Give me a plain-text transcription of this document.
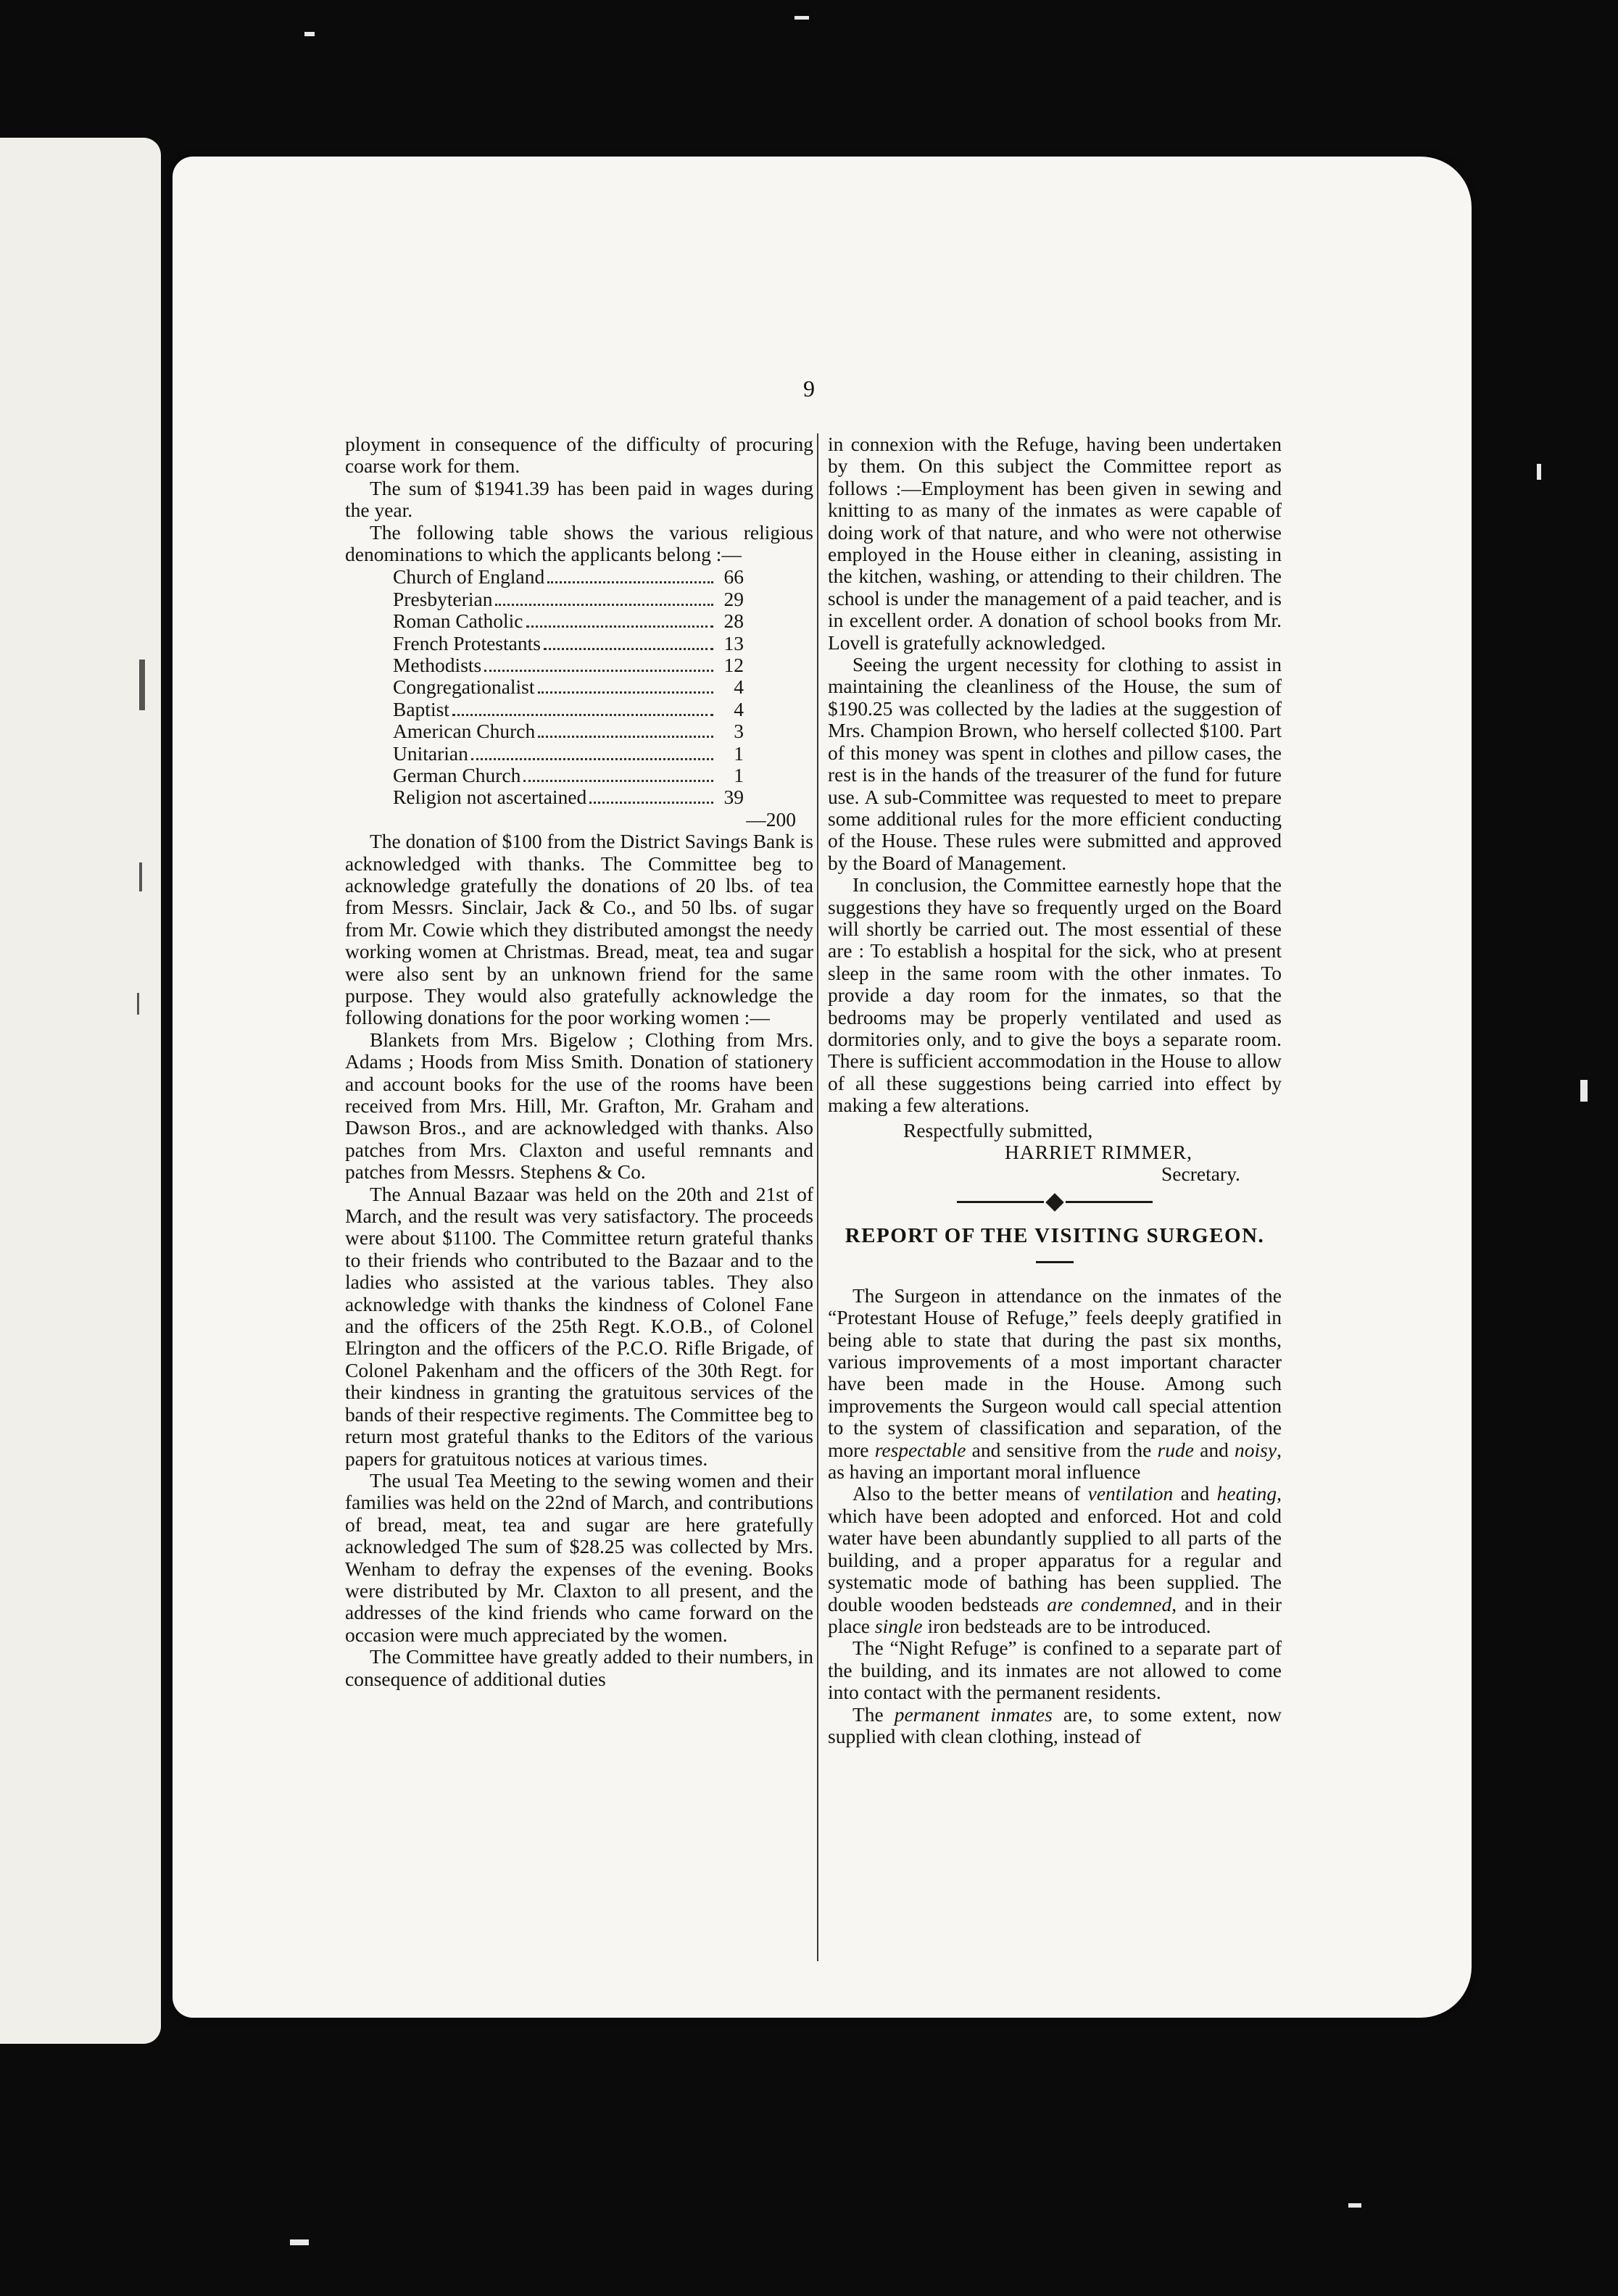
9

ployment in consequence of the difficulty of procuring coarse work for them.

The sum of $1941.39 has been paid in wages during the year.

The following table shows the various religious denominations to which the applicants belong :—

Church of England	66
Presbyterian	29
Roman Catholic	28
French Protestants	13
Methodists	12
Congregationalist	4
Baptist	4
American Church	3
Unitarian	1
German Church	1
Religion not ascertained	39
—200

The donation of $100 from the District Savings Bank is acknowledged with thanks. The Committee beg to acknowledge gratefully the donations of 20 lbs. of tea from Messrs. Sinclair, Jack & Co., and 50 lbs. of sugar from Mr. Cowie which they distributed amongst the needy working women at Christmas. Bread, meat, tea and sugar were also sent by an unknown friend for the same purpose. They would also gratefully acknowledge the following donations for the poor working women :—

Blankets from Mrs. Bigelow ; Clothing from Mrs. Adams ; Hoods from Miss Smith. Donation of stationery and account books for the use of the rooms have been received from Mrs. Hill, Mr. Grafton, Mr. Graham and Dawson Bros., and are acknowledged with thanks. Also patches from Mrs. Claxton and useful remnants and patches from Messrs. Stephens & Co.

The Annual Bazaar was held on the 20th and 21st of March, and the result was very satisfactory. The proceeds were about $1100. The Committee return grateful thanks to their friends who contributed to the Bazaar and to the ladies who assisted at the various tables. They also acknowledge with thanks the kindness of Colonel Fane and the officers of the 25th Regt. K.O.B., of Colonel Elrington and the officers of the P.C.O. Rifle Brigade, of Colonel Pakenham and the officers of the 30th Regt. for their kindness in granting the gratuitous services of the bands of their respective regiments. The Committee beg to return most grateful thanks to the Editors of the various papers for gratuitous notices at various times.

The usual Tea Meeting to the sewing women and their families was held on the 22nd of March, and contributions of bread, meat, tea and sugar are here gratefully acknowledged The sum of $28.25 was collected by Mrs. Wenham to defray the expenses of the evening. Books were distributed by Mr. Claxton to all present, and the addresses of the kind friends who came forward on the occasion were much appreciated by the women.

The Committee have greatly added to their numbers, in consequence of additional duties

in connexion with the Refuge, having been undertaken by them. On this subject the Committee report as follows :—Employment has been given in sewing and knitting to as many of the inmates as were capable of doing work of that nature, and who were not otherwise employed in the House either in cleaning, assisting in the kitchen, washing, or attending to their children. The school is under the management of a paid teacher, and is in excellent order. A donation of school books from Mr. Lovell is gratefully acknowledged.

Seeing the urgent necessity for clothing to assist in maintaining the cleanliness of the House, the sum of $190.25 was collected by the ladies at the suggestion of Mrs. Champion Brown, who herself collected $100. Part of this money was spent in clothes and pillow cases, the rest is in the hands of the treasurer of the fund for future use. A sub-Committee was requested to meet to prepare some additional rules for the more efficient conducting of the House. These rules were submitted and approved by the Board of Management.

In conclusion, the Committee earnestly hope that the suggestions they have so frequently urged on the Board will shortly be carried out. The most essential of these are : To establish a hospital for the sick, who at present sleep in the same room with the other inmates. To provide a day room for the inmates, so that the bedrooms may be properly ventilated and used as dormitories only, and to give the boys a separate room. There is sufficient accommodation in the House to allow of all these suggestions being carried into effect by making a few alterations.

Respectfully submitted,
HARRIET RIMMER,
Secretary.
REPORT OF THE VISITING SURGEON.

The Surgeon in attendance on the inmates of the “Protestant House of Refuge,” feels deeply gratified in being able to state that during the past six months, various improvements of a most important character have been made in the House. Among such improvements the Surgeon would call special attention to the system of classification and separation, of the more respectable and sensitive from the rude and noisy, as having an important moral influence

Also to the better means of ventilation and heating, which have been adopted and enforced. Hot and cold water have been abundantly supplied to all parts of the building, and a proper apparatus for a regular and systematic mode of bathing has been supplied. The double wooden bedsteads are condemned, and in their place single iron bedsteads are to be introduced.

The “Night Refuge” is confined to a separate part of the building, and its inmates are not allowed to come into contact with the permanent residents.

The permanent inmates are, to some extent, now supplied with clean clothing, instead of
